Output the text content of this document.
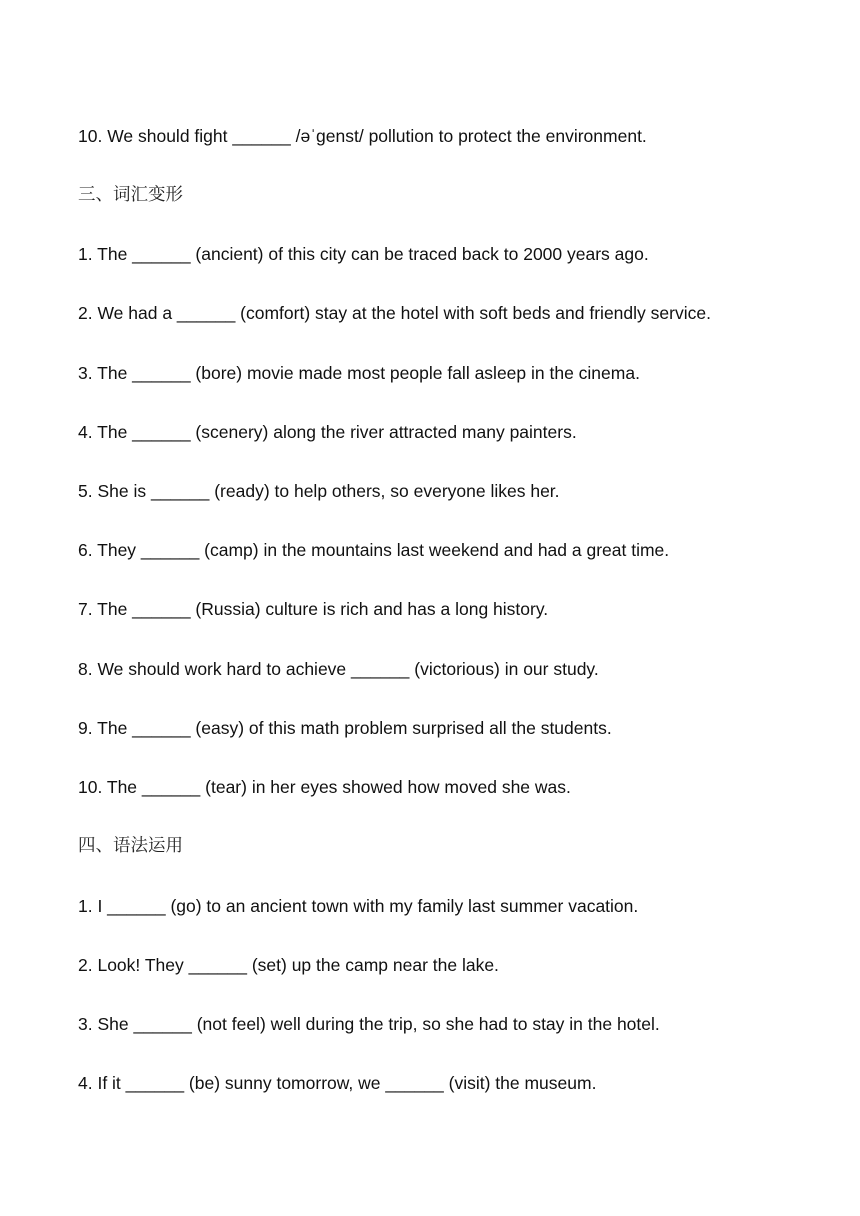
10. We should fight ______ /əˈgenst/ pollution to protect the environment.
三、词汇变形
1. The ______ (ancient) of this city can be traced back to 2000 years ago.
2. We had a ______ (comfort) stay at the hotel with soft beds and friendly service.
3. The ______ (bore) movie made most people fall asleep in the cinema.
4. The ______ (scenery) along the river attracted many painters.
5. She is ______ (ready) to help others, so everyone likes her.
6. They ______ (camp) in the mountains last weekend and had a great time.
7. The ______ (Russia) culture is rich and has a long history.
8. We should work hard to achieve ______ (victorious) in our study.
9. The ______ (easy) of this math problem surprised all the students.
10. The ______ (tear) in her eyes showed how moved she was.
四、语法运用
1. I ______ (go) to an ancient town with my family last summer vacation.
2. Look! They ______ (set) up the camp near the lake.
3. She ______ (not feel) well during the trip, so she had to stay in the hotel.
4. If it ______ (be) sunny tomorrow, we ______ (visit) the museum.
